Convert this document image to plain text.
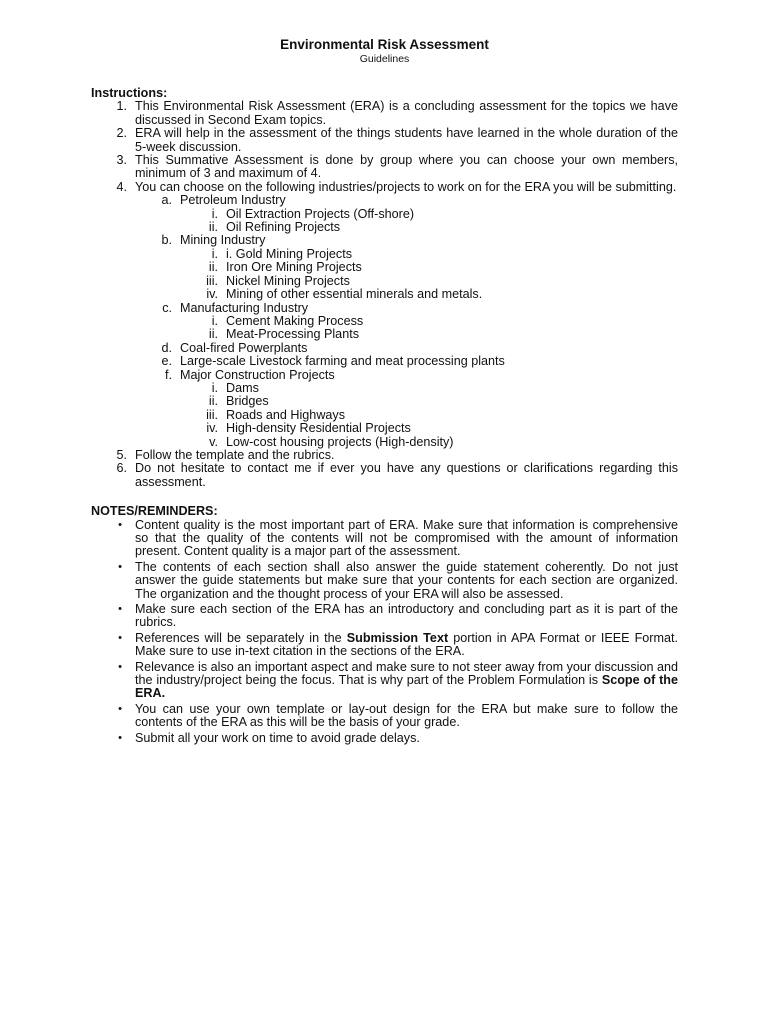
Environmental Risk Assessment
Guidelines
Instructions:
1. This Environmental Risk Assessment (ERA) is a concluding assessment for the topics we have discussed in Second Exam topics.
2. ERA will help in the assessment of the things students have learned in the whole duration of the 5-week discussion.
3. This Summative Assessment is done by group where you can choose your own members, minimum of 3 and maximum of 4.
4. You can choose on the following industries/projects to work on for the ERA you will be submitting.
a. Petroleum Industry
i. Oil Extraction Projects (Off-shore)
ii. Oil Refining Projects
b. Mining Industry
i. i. Gold Mining Projects
ii. Iron Ore Mining Projects
iii. Nickel Mining Projects
iv. Mining of other essential minerals and metals.
c. Manufacturing Industry
i. Cement Making Process
ii. Meat-Processing Plants
d. Coal-fired Powerplants
e. Large-scale Livestock farming and meat processing plants
f. Major Construction Projects
i. Dams
ii. Bridges
iii. Roads and Highways
iv. High-density Residential Projects
v. Low-cost housing projects (High-density)
5. Follow the template and the rubrics.
6. Do not hesitate to contact me if ever you have any questions or clarifications regarding this assessment.
NOTES/REMINDERS:
•	Content quality is the most important part of ERA. Make sure that information is comprehensive so that the quality of the contents will not be compromised with the amount of information present. Content quality is a major part of the assessment.
•	The contents of each section shall also answer the guide statement coherently. Do not just answer the guide statements but make sure that your contents for each section are organized. The organization and the thought process of your ERA will also be assessed.
•	Make sure each section of the ERA has an introductory and concluding part as it is part of the rubrics.
•	References will be separately in the Submission Text portion in APA Format or IEEE Format. Make sure to use in-text citation in the sections of the ERA.
•	Relevance is also an important aspect and make sure to not steer away from your discussion and the industry/project being the focus. That is why part of the Problem Formulation is Scope of the ERA.
•	You can use your own template or lay-out design for the ERA but make sure to follow the contents of the ERA as this will be the basis of your grade.
•	Submit all your work on time to avoid grade delays.
